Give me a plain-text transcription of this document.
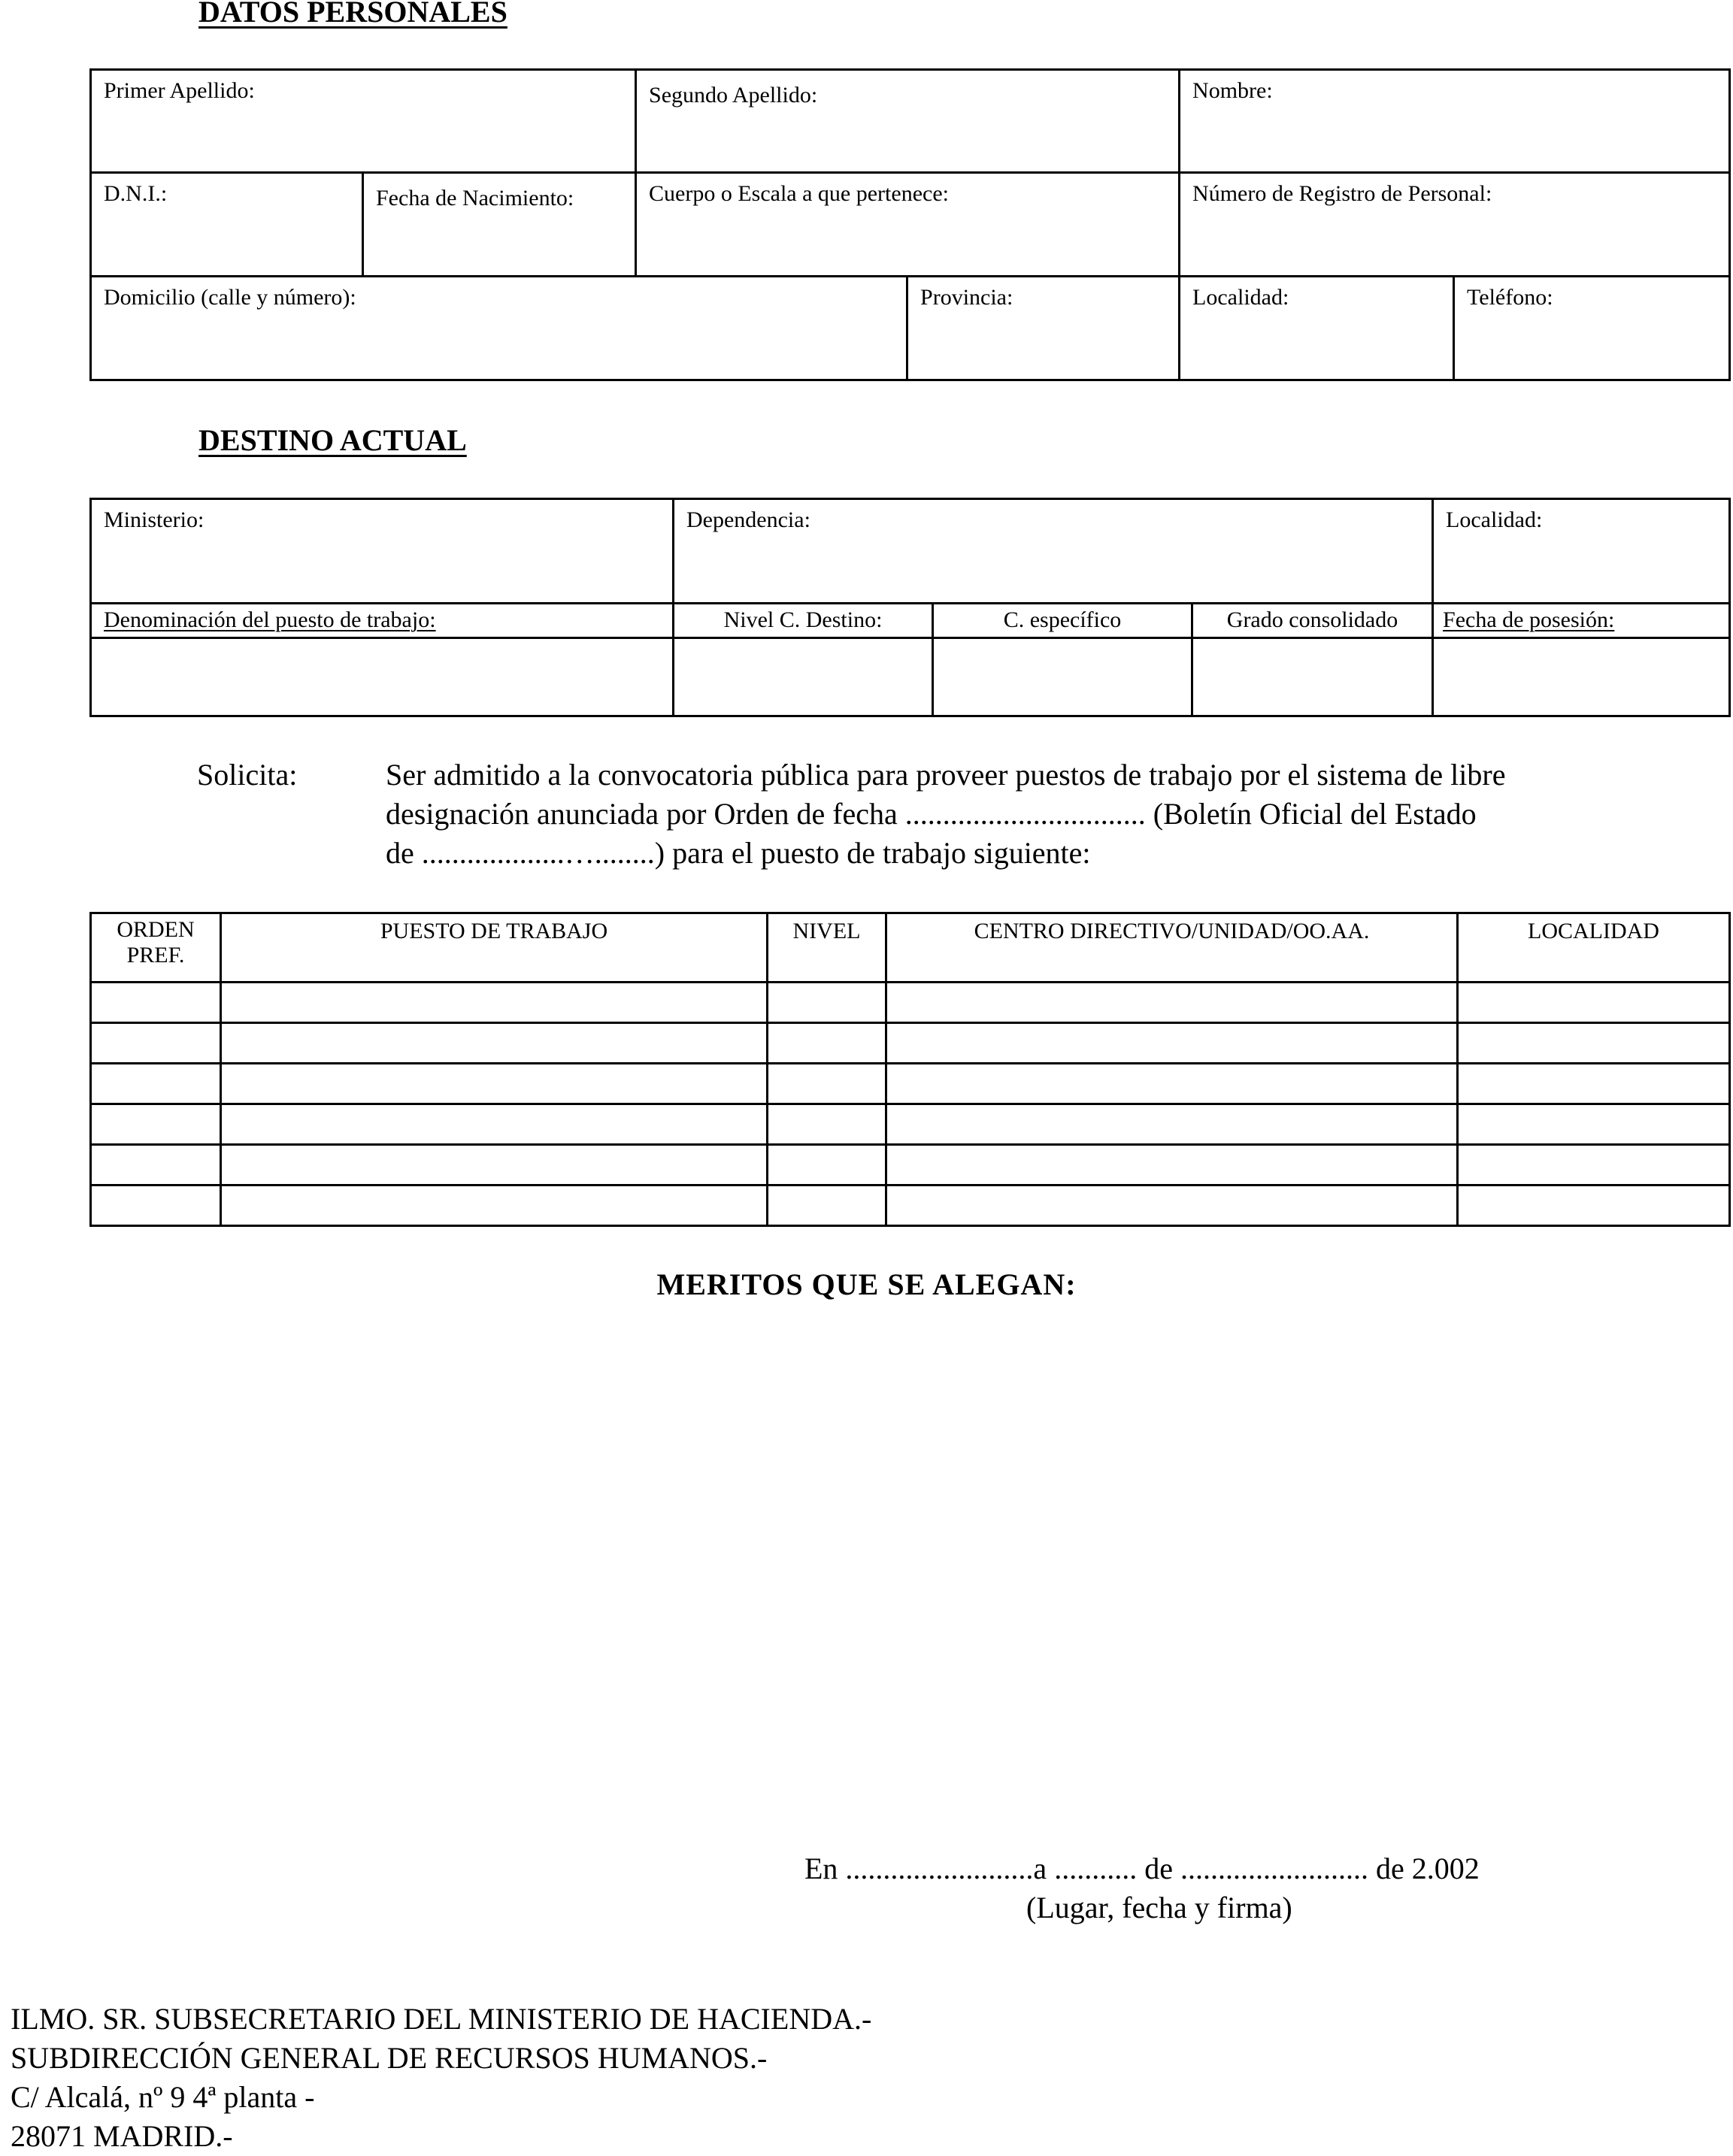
DATOS PERSONALES
Primer Apellido:		Segundo Apellido:		Nombre:	

D.N.I.:	Fecha de Nacimiento:	Cuerpo o Escala a que pertenece:		Número de Registro de Personal:	

Domicilio (calle y número):			Provincia:	Localidad:	Teléfono:
DESTINO ACTUAL
Ministerio:	Dependencia:			Localidad:

Denominación del puesto de trabajo:	Nivel C. Destino:	C. específico	Grado consolidado	Fecha de posesión:

Solicita:	Ser admitido a la convocatoria pública para proveer puestos de trabajo por el sistema de libre
designación anunciada por Orden de fecha ................................ (Boletín Oficial del Estado
de ...................…........) para el puesto de trabajo siguiente:
ORDEN
PREF.	PUESTO DE TRABAJO	NIVEL	CENTRO DIRECTIVO/UNIDAD/OO.AA.	LOCALIDAD

MERITOS QUE SE ALEGAN:
En .........................a ........... de ......................... de 2.002
(Lugar, fecha y firma)
ILMO. SR. SUBSECRETARIO DEL MINISTERIO DE HACIENDA.-
SUBDIRECCIÓN GENERAL DE RECURSOS HUMANOS.-
C/ Alcalá, nº 9 4ª planta -
28071 MADRID.-
